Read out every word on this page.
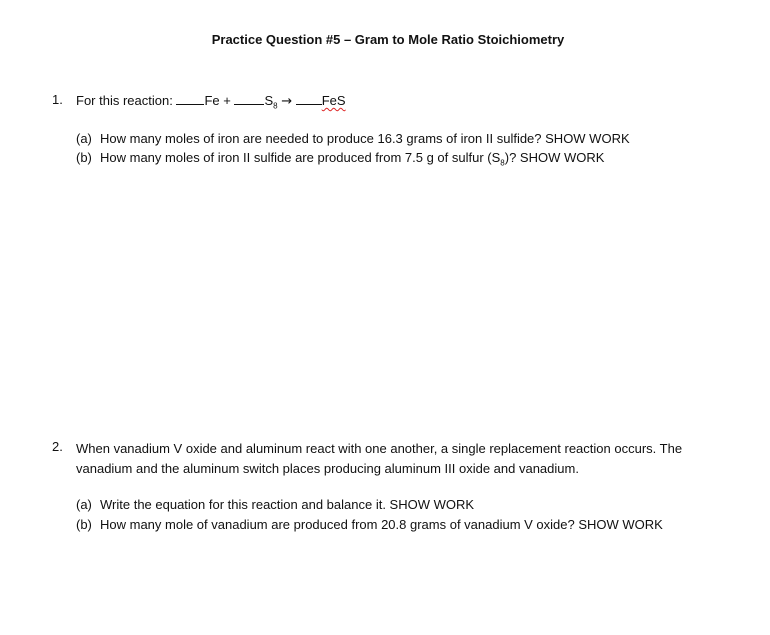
Practice Question #5 – Gram to Mole Ratio Stoichiometry
1. For this reaction: Fe +	$S_8$ → FeS
(a) How many moles of iron are needed to produce 16.3 grams of iron II sulfide? SHOW WORK
(b) How many moles of iron II sulfide are produced from 7.5 g of sulfur $(S_8)$? SHOW WORK
2. When vanadium V oxide and aluminum react with one another, a single replacement reaction occurs. The vanadium and the aluminum switch places producing aluminum III oxide and vanadium.
(a) Write the equation for this reaction and balance it. SHOW WORK
(b) How many mole of vanadium are produced from 20.8 grams of vanadium V oxide? SHOW WORK
